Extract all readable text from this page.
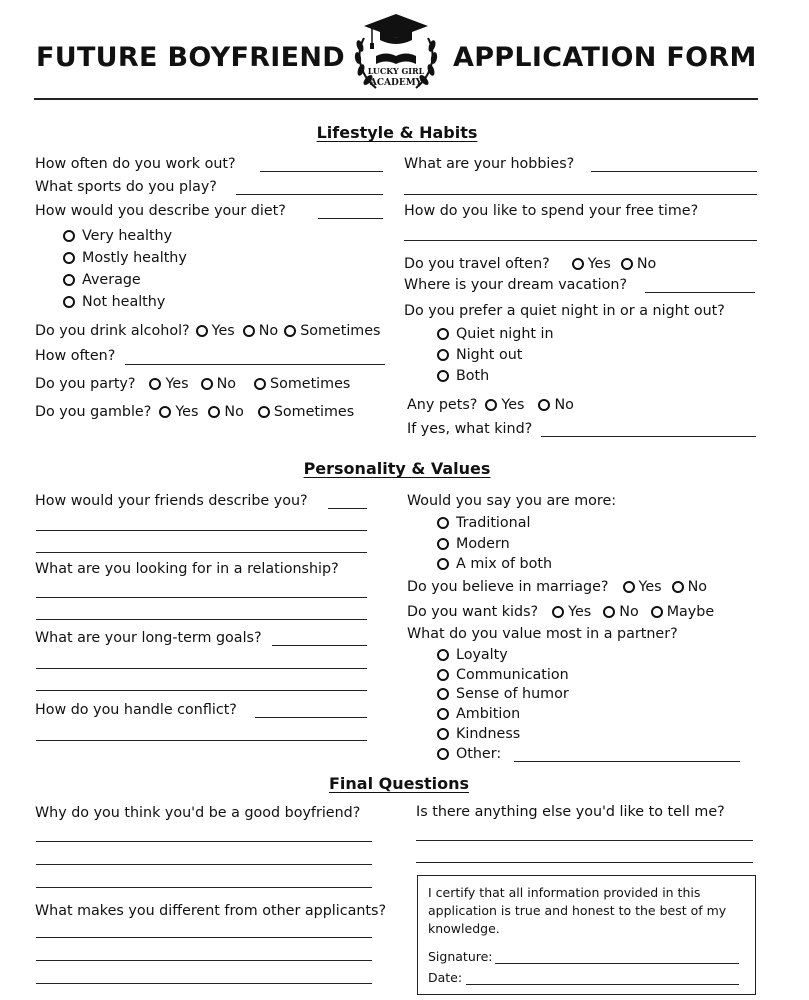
FUTURE BOYFRIEND	APPLICATION FORM
LUCKY GIRL
ACADEMY
Lifestyle & Habits
How often do you work out?
What sports do you play?
How would you describe your diet?
Very healthy
Mostly healthy
Average
Not healthy
Do you drink alcohol? Yes No Sometimes
How often?
Do you party? Yes No Sometimes
Do you gamble? Yes No Sometimes
What are your hobbies?
How do you like to spend your free time?
Do you travel often?	Yes No
Where is your dream vacation?
Do you prefer a quiet night in or a night out?
Quiet night in
Night out
Both
Any pets? Yes No
If yes, what kind?
Personality & Values
How would your friends describe you?
What are you looking for in a relationship?
What are your long-term goals?
How do you handle conflict?
Would you say you are more:
Traditional
Modern
A mix of both
Do you believe in marriage? Yes No
Do you want kids? Yes No Maybe
What do you value most in a partner?
Loyalty
Communication
Sense of humor
Ambition
Kindness
Other:
Final Questions
Why do you think you'd be a good boyfriend?
What makes you different from other applicants?
Is there anything else you'd like to tell me?
I certify that all information provided in this application is true and honest to the best of my knowledge.
Signature:
Date:
